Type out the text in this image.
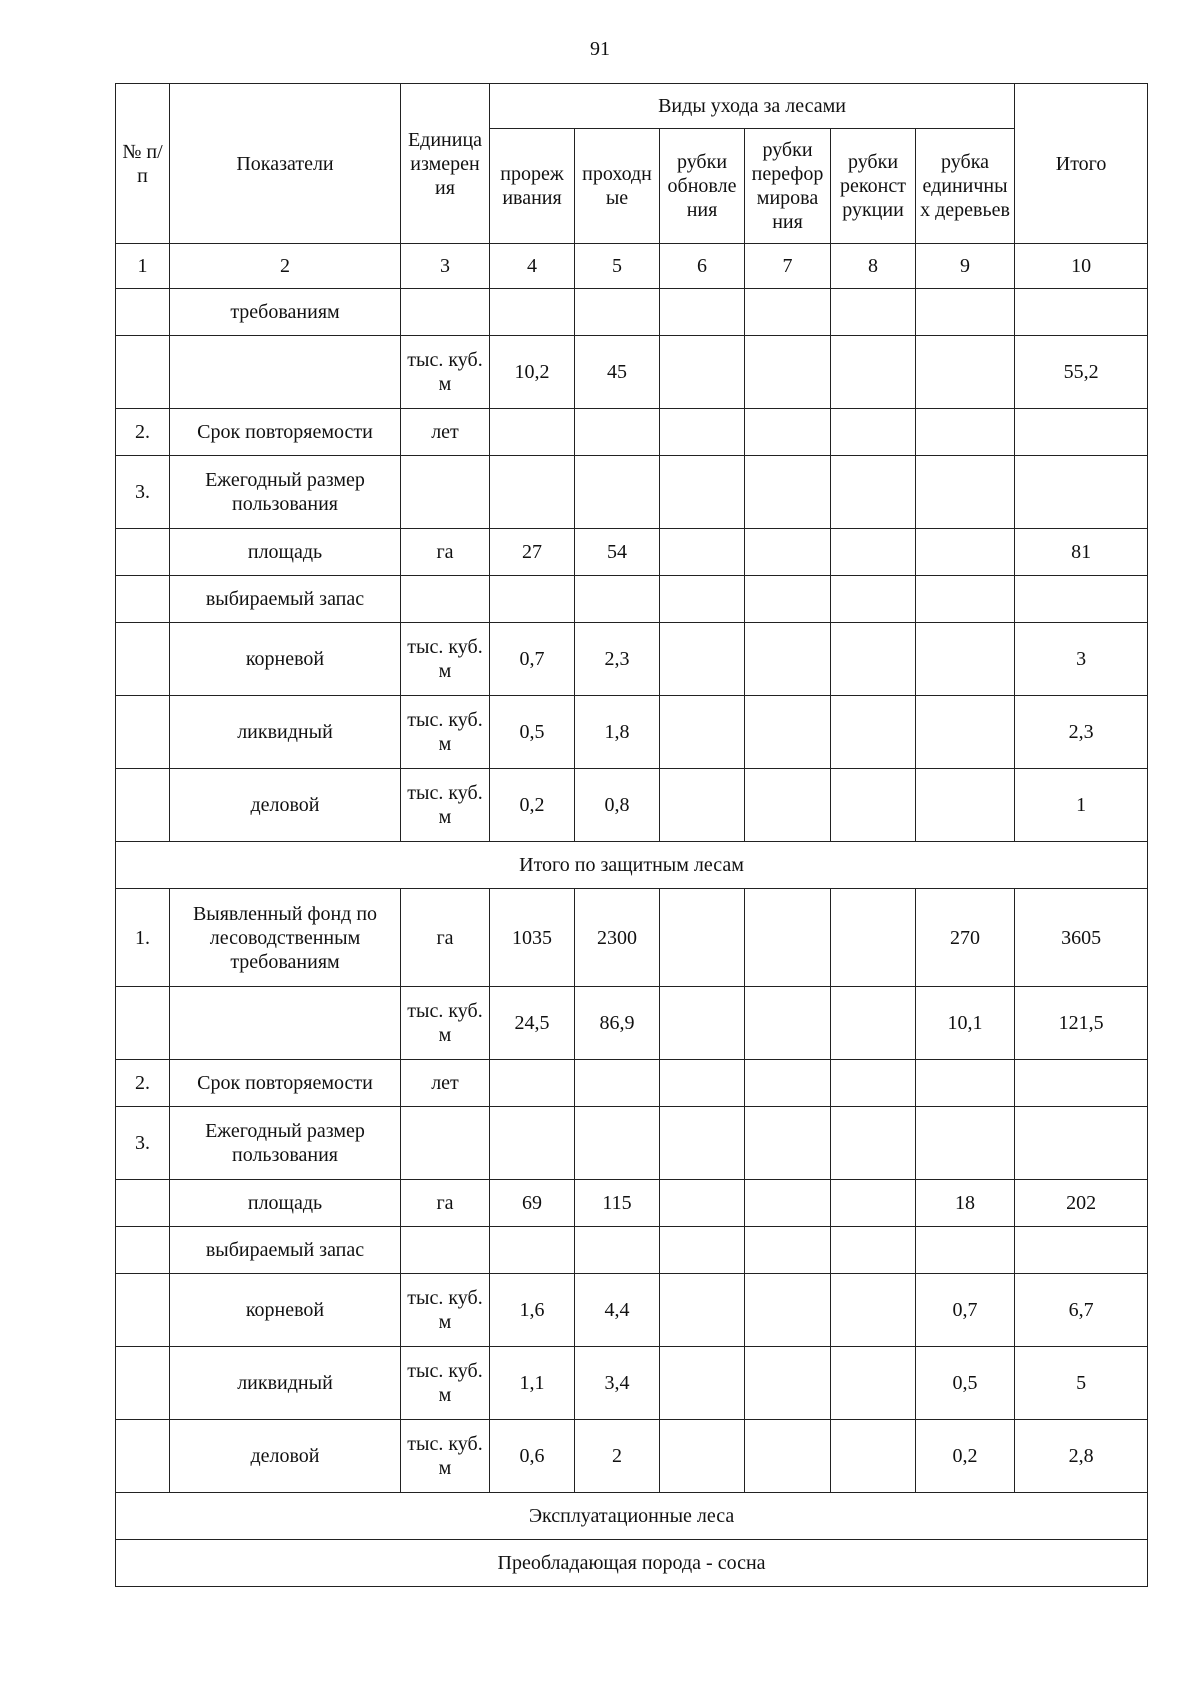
91
№ п/п	Показатели	Единица измерен ия	Виды ухода за лесами						Итого
			прореж ивания	проходн ые	рубки обновле ния	рубки перефор мирова ния	рубки реконст рукции	рубка единичны х деревьев	
1	2	3	4	5	6	7	8	9	10
	требованиям								
		тыс. куб. м	10,2	45					55,2
2.	Срок повторяемости	лет							
3.	Ежегодный размер пользования								
	площадь	га	27	54					81
	выбираемый запас								
	корневой	тыс. куб. м	0,7	2,3					3
	ликвидный	тыс. куб. м	0,5	1,8					2,3
	деловой	тыс. куб. м	0,2	0,8					1
Итого по защитным лесам									
1.	Выявленный фонд по лесоводственным требованиям	га	1035	2300				270	3605
		тыс. куб. м	24,5	86,9				10,1	121,5
2.	Срок повторяемости	лет							
3.	Ежегодный размер пользования								
	площадь	га	69	115				18	202
	выбираемый запас								
	корневой	тыс. куб. м	1,6	4,4				0,7	6,7
	ликвидный	тыс. куб. м	1,1	3,4				0,5	5
	деловой	тыс. куб. м	0,6	2				0,2	2,8
Эксплуатационные леса									
Преобладающая порода - сосна									
